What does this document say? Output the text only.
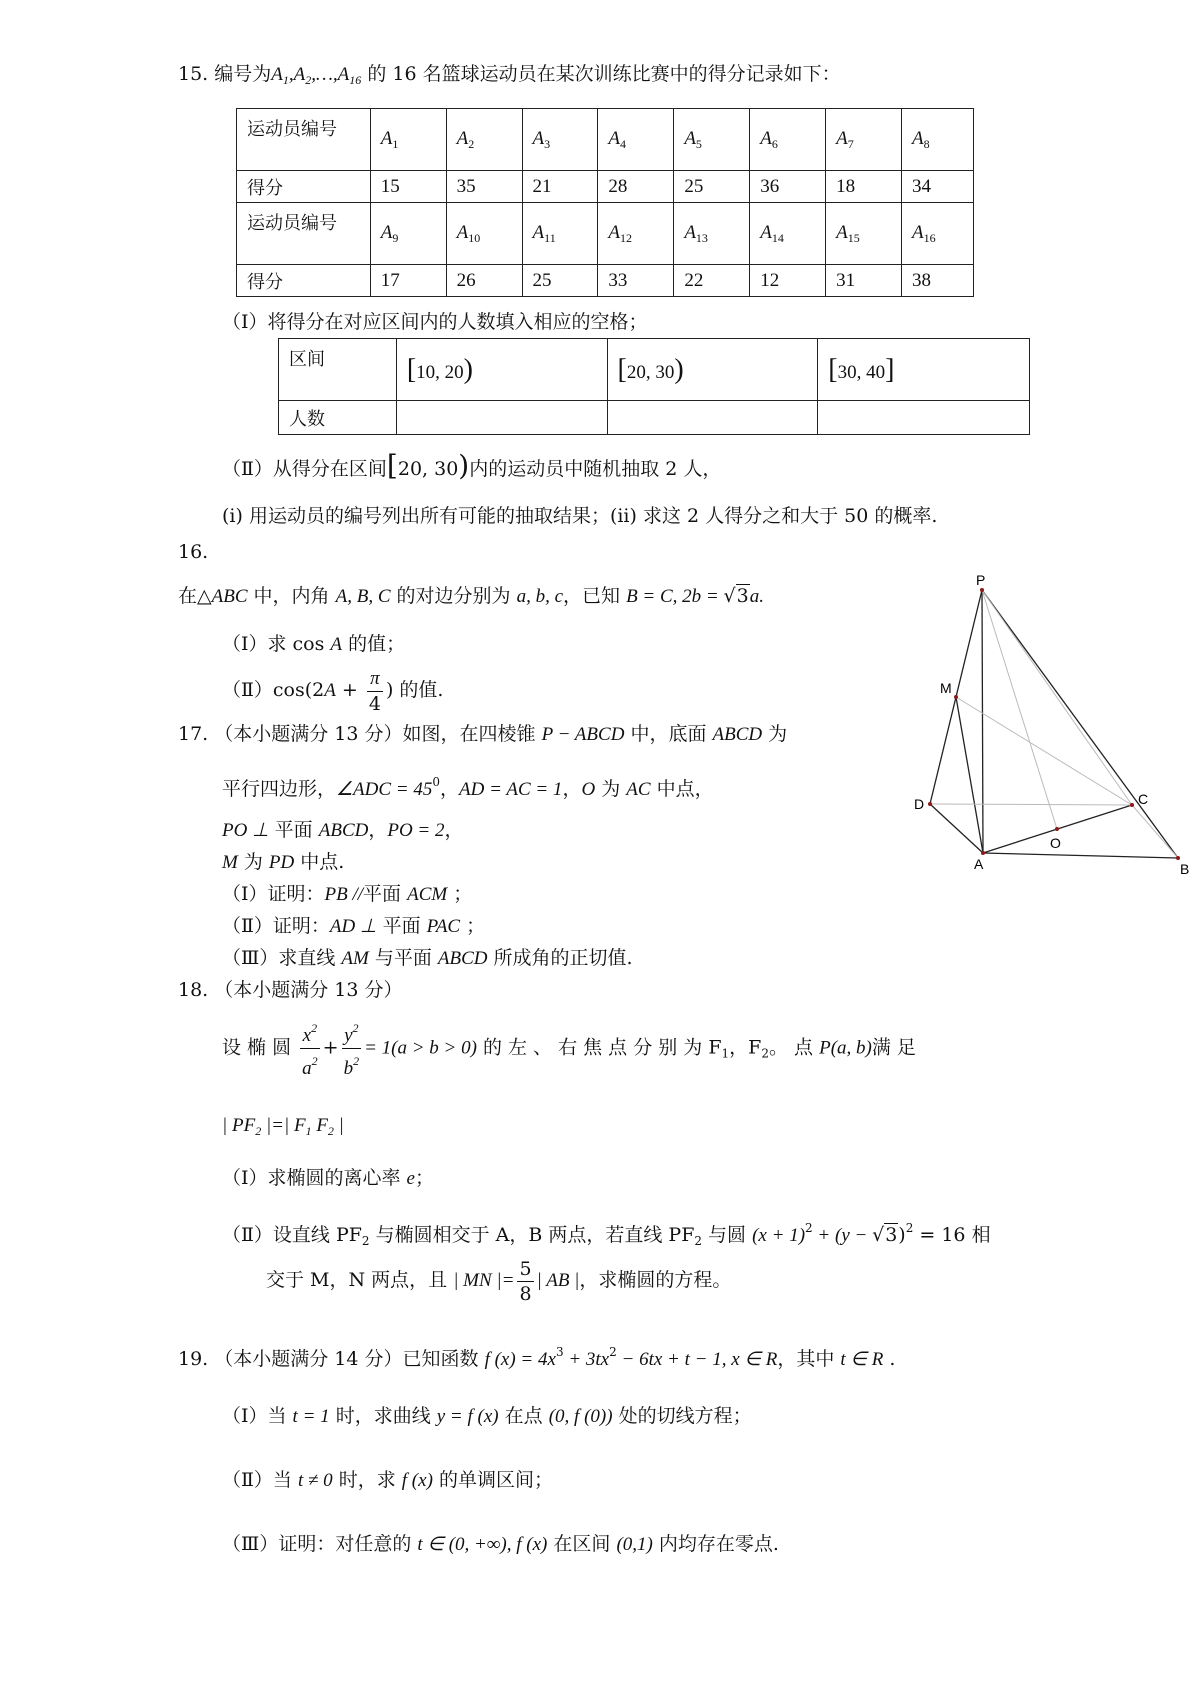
15. 编号为$A_1,A_2,\dots,A_{16}$ 的 16 名篮球运动员在某次训练比赛中的得分记录如下：
运动员编号	$A_1$	$A_2$	$A_3$	$A_4$	$A_5$	$A_6$	$A_7$	$A_8$
得分	15	35	21	28	25	36	18	34
运动员编号	$A_9$	$A_{10}$	$A_{11}$	$A_{12}$	$A_{13}$	$A_{14}$	$A_{15}$	$A_{16}$
得分	17	26	25	33	22	12	31	38
（Ⅰ）将得分在对应区间内的人数填入相应的空格；
区间	[10, 20)	[20, 30)	[30, 40]
人数			
（Ⅱ）从得分在区间[20, 30)内的运动员中随机抽取 2 人，
(i) 用运动员的编号列出所有可能的抽取结果；(ii) 求这 2 人得分之和大于 50 的概率.
16.
在△ABC 中，内角 A, B, C 的对边分别为 a, b, c，已知 B = C, 2b = √3a.
（Ⅰ）求 cos A 的值；
（Ⅱ）cos(2A + $\frac{\pi}{4}$ ) 的值.
17. （本小题满分 13 分）如图，在四棱锥 P − ABCD 中，底面 ABCD 为
平行四边形，∠ADC = $45^0$，AD = AC = 1，O 为 AC 中点，
PO ⊥ 平面 ABCD，PO = 2，
M 为 PD 中点.
（Ⅰ）证明：PB //平面 ACM ；
（Ⅱ）证明：AD ⊥ 平面 PAC ；
（Ⅲ）求直线 AM 与平面 ABCD 所成角的正切值.
P
M
D	C
O
A	B
18. （本小题满分 13 分）
设 椭 圆 $\frac{x^2}{a^2} + \frac{y^2}{b^2} = 1(a > b > 0)$ 的 左 、 右 焦 点 分 别 为 $F_1$，$F_2$。 点 P(a, b)满 足
| $PF_2$ |=| $F_1$ $F_2$ |
（Ⅰ）求椭圆的离心率 e；
（Ⅱ）设直线 $PF_2$ 与椭圆相交于 A，B 两点，若直线 $PF_2$ 与圆 $(x + 1)^2 + (y - √3)^2 = 16$ 相
交于 M，N 两点，且 | MN |= $\frac{5}{8}$ | AB |，求椭圆的方程。
19. （本小题满分 14 分）已知函数 f $(x) = 4x^3 + 3tx^2 - 6tx + t - 1$, x ∈ R，其中 t ∈ R .
（Ⅰ）当 t = 1 时，求曲线 y = f (x) 在点 (0, f (0)) 处的切线方程；
（Ⅱ）当 t ≠ 0 时，求 f (x) 的单调区间；
（Ⅲ）证明：对任意的 t ∈ (0, +∞), f (x) 在区间 (0,1) 内均存在零点.
